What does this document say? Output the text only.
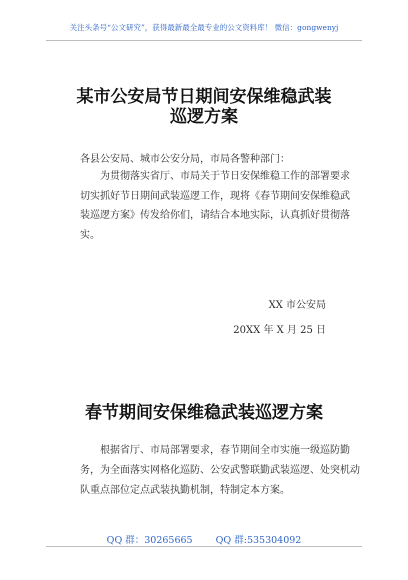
关注头条号“公文研究”，获得最新最全最专业的公文资料库！ 微信：gongwenyj
某市公安局节日期间安保维稳武装
巡逻方案
各县公安局、城市公安分局，市局各警种部门：
为贯彻落实省厅、市局关于节日安保维稳工作的部署要求
切实抓好节日期间武装巡逻工作，现将《春节期间安保维稳武
装巡逻方案》传发给你们，请结合本地实际，认真抓好贯彻落
实。
XX 市公安局
20XX 年 X 月 25 日
春节期间安保维稳武装巡逻方案
根据省厅、市局部署要求，春节期间全市实施一级巡防勤
务，为全面落实网格化巡防、公安武警联勤武装巡逻、处突机动
队重点部位定点武装执勤机制，特制定本方案。
QQ 群：30265665 QQ 群:535304092
